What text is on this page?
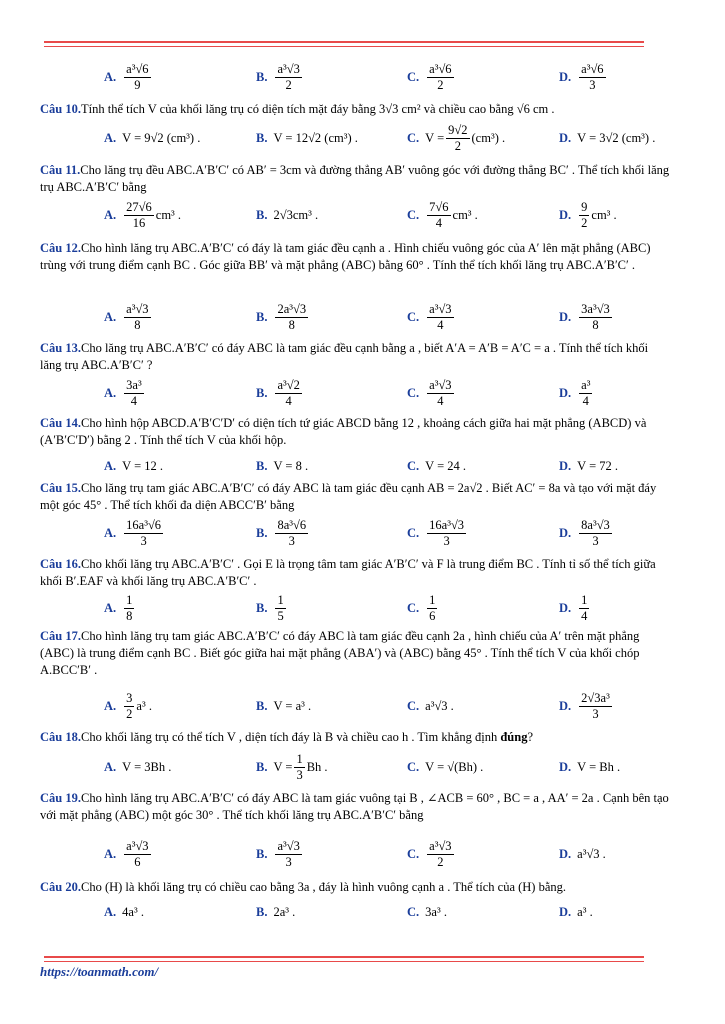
A. $\frac{\text{a³√6}}{9}$	B. $\frac{\text{a³√3}}{2}$	C. $\frac{\text{a³√6}}{2}$	D. $\frac{\text{a³√6}}{3}$
Câu 10.Tính thể tích V của khối lăng trụ có diện tích mặt đáy bằng 3√3 cm² và chiều cao bằng √6 cm .
A. V = 9√2 (cm³) .	B. V = 12√2 (cm³) .	C. $V = \frac{9√2}{2} (cm^3)$ .	D. V = 3√2 (cm³) .
Câu 11.Cho lăng trụ đều ABC.A′B′C′ có AB′ = 3cm và đường thẳng AB′ vuông góc với đường thẳng BC′ . Thể tích khối lăng trụ ABC.A′B′C′ bằng
A. $\frac{27√6}{16} cm^3$ .	B. 2√3cm³ .	C. $\frac{7√6}{4} cm^3$ .	D. $\frac{9}{2} cm^3$ .
Câu 12.Cho hình lăng trụ ABC.A′B′C′ có đáy là tam giác đều cạnh a . Hình chiếu vuông góc của A′ lên mặt phẳng (ABC) trùng với trung điểm cạnh BC . Góc giữa BB′ và mặt phẳng (ABC) bằng 60° . Tính thể tích khối lăng trụ ABC.A′B′C′ .
A. $\frac{\text{a³√3}}{8}$	B. $\frac{\text{2a³√3}}{8}$	C. $\frac{\text{a³√3}}{4}$	D. $\frac{\text{3a³√3}}{8}$
Câu 13.Cho lăng trụ ABC.A′B′C′ có đáy ABC là tam giác đều cạnh bằng a , biết A′A = A′B = A′C = a . Tính thể tích khối lăng trụ ABC.A′B′C′ ?
A. $\frac{\text{3a³}}{4}$	B. $\frac{\text{a³√2}}{4}$	C. $\frac{\text{a³√3}}{4}$	D. $\frac{\text{a³}}{4}$
Câu 14.Cho hình hộp ABCD.A′B′C′D′ có diện tích tứ giác ABCD bằng 12 , khoảng cách giữa hai mặt phẳng (ABCD) và (A′B′C′D′) bằng 2 . Tính thể tích V của khối hộp.
A. V = 12 .	B. V = 8 .	C. V = 24 .	D. V = 72 .
Câu 15.Cho lăng trụ tam giác ABC.A′B′C′ có đáy ABC là tam giác đều cạnh AB = 2a√2 . Biết AC′ = 8a và tạo với mặt đáy một góc 45° . Thể tích khối đa diện ABCC′B′ bằng
A. $\frac{\text{16a³√6}}{3}$	B. $\frac{\text{8a³√6}}{3}$	C. $\frac{\text{16a³√3}}{3}$	D. $\frac{\text{8a³√3}}{3}$
Câu 16.Cho khối lăng trụ ABC.A′B′C′ . Gọi E là trọng tâm tam giác A′B′C′ và F là trung điểm BC . Tính tỉ số thể tích giữa khối B′.EAF và khối lăng trụ ABC.A′B′C′ .
A. $\frac{1}{8}$	B. $\frac{1}{5}$	C. $\frac{1}{6}$	D. $\frac{1}{4}$
Câu 17.Cho hình lăng trụ tam giác ABC.A′B′C′ có đáy ABC là tam giác đều cạnh 2a , hình chiếu của A′ trên mặt phẳng (ABC) là trung điểm cạnh BC . Biết góc giữa hai mặt phẳng (ABA′) và (ABC) bằng 45° . Tính thể tích V của khối chóp A.BCC′B′ .
A. $\frac{3}{2} a^3$ .	B. V = a³ .	C. a³√3 .	D. $\frac{\text{2√3a³}}{3}$
Câu 18.Cho khối lăng trụ có thể tích V , diện tích đáy là B và chiều cao h . Tìm khẳng định đúng?
A. V = 3Bh .	B. $V = \frac{1}{3}$ Bh .	C. V = √(Bh) .	D. V = Bh .
Câu 19.Cho hình lăng trụ ABC.A′B′C′ có đáy ABC là tam giác vuông tại B , ∠ACB = 60° , BC = a , AA′ = 2a . Cạnh bên tạo với mặt phẳng (ABC) một góc 30° . Thể tích khối lăng trụ ABC.A′B′C′ bằng
A. $\frac{\text{a³√3}}{6}$	B. $\frac{\text{a³√3}}{3}$	C. $\frac{\text{a³√3}}{2}$	D. a³√3 .
Câu 20.Cho (H) là khối lăng trụ có chiều cao bằng 3a , đáy là hình vuông cạnh a . Thể tích của (H) bằng.
A. 4a³ .	B. 2a³ .	C. 3a³ .	D. a³ .
https://toanmath.com/
